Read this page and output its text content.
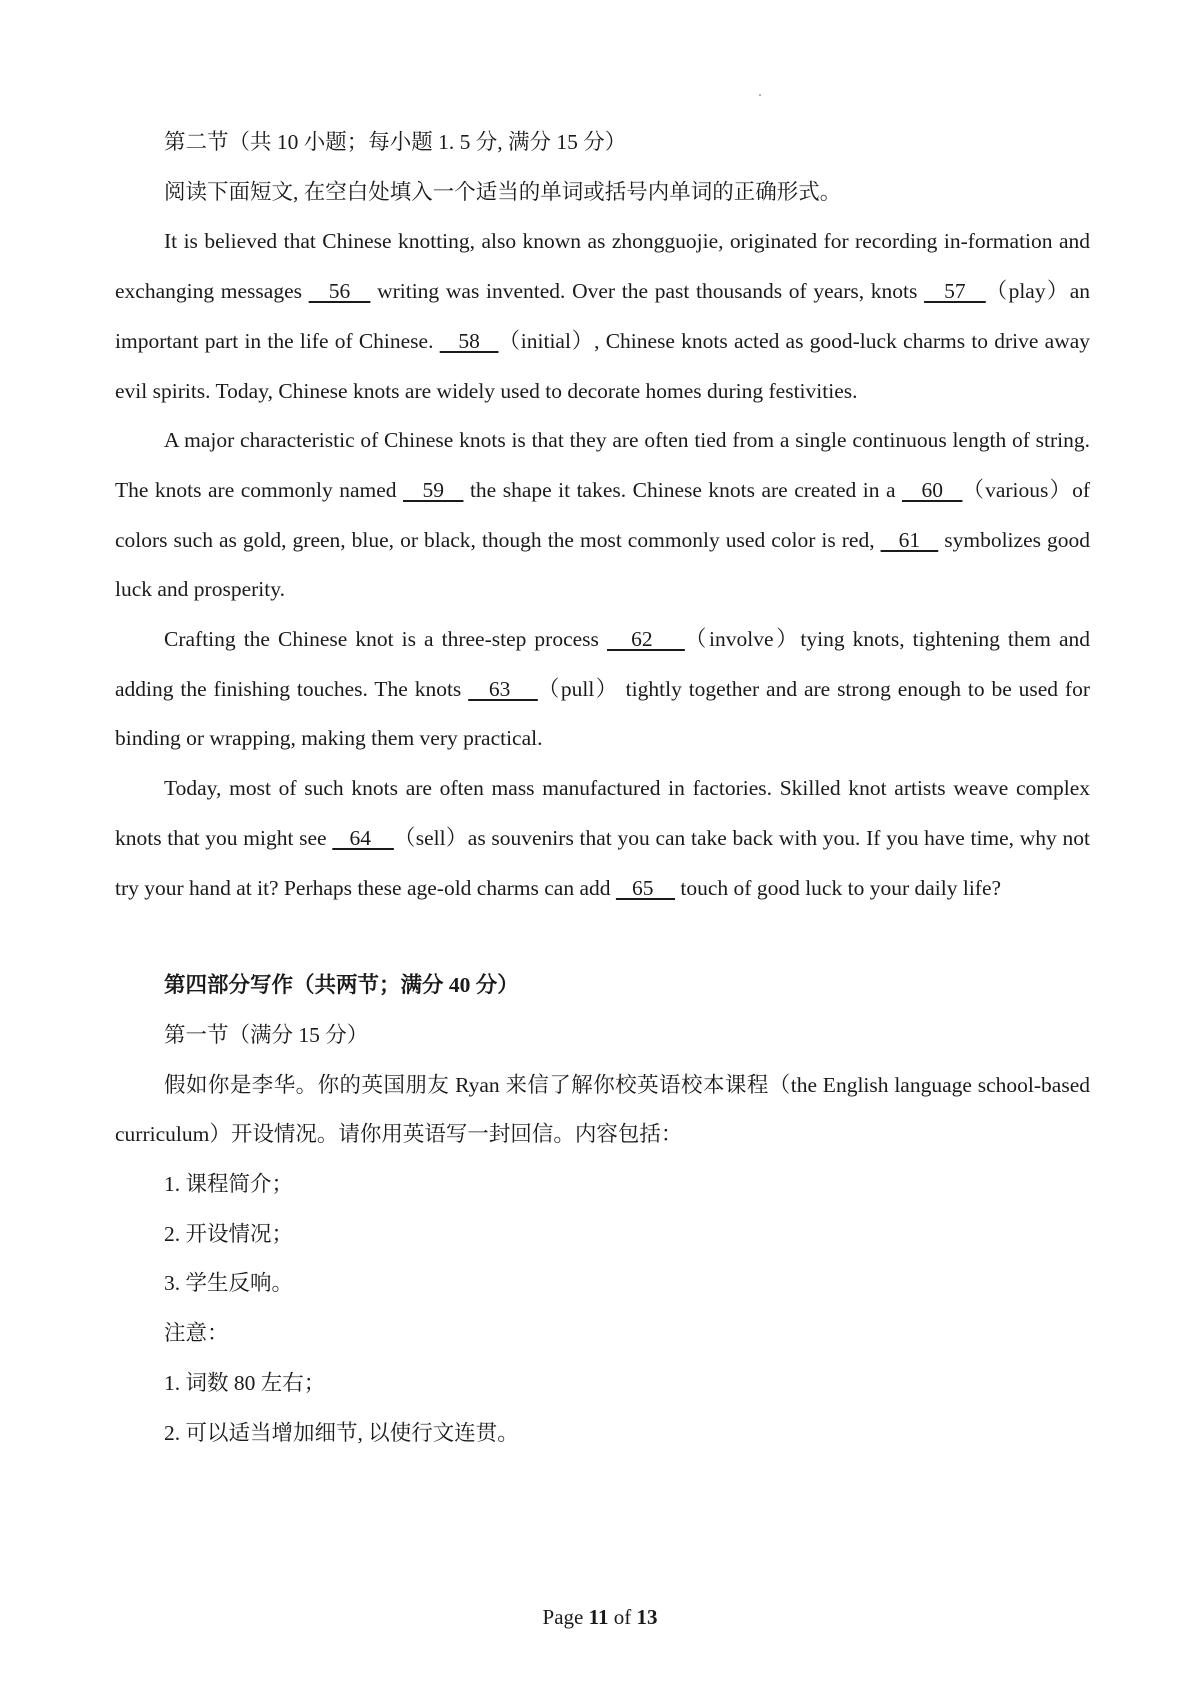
第二节（共 10 小题；每小题 1. 5 分, 满分 15 分）

阅读下面短文, 在空白处填入一个适当的单词或括号内单词的正确形式。

It is believed that Chinese knotting, also known as zhongguojie, originated for recording in-formation and exchanging messages    56    writing was invented. Over the past thousands of years, knots    57   （play）an important part in the life of Chinese.    58   （initial）, Chinese knots acted as good-luck charms to drive away evil spirits. Today, Chinese knots are widely used to decorate homes during festivities.

A major characteristic of Chinese knots is that they are often tied from a single continuous length of string. The knots are commonly named    59    the shape it takes. Chinese knots are created in a    60   （various）of colors such as gold, green, blue, or black, though the most commonly used color is red,    61    symbolizes good luck and prosperity.

Crafting the Chinese knot is a three-step process    62    （involve）tying knots, tightening them and adding the finishing touches. The knots    63    （pull） tightly together and are strong enough to be used for binding or wrapping, making them very practical.

Today, most of such knots are often mass manufactured in factories. Skilled knot artists weave complex knots that you might see    64    （sell）as souvenirs that you can take back with you. If you have time, why not try your hand at it? Perhaps these age-old charms can add    65     touch of good luck to your daily life?

第四部分写作（共两节；满分 40 分）

第一节（满分 15 分）

假如你是李华。你的英国朋友 Ryan 来信了解你校英语校本课程（the English language school-based curriculum）开设情况。请你用英语写一封回信。内容包括：

1. 课程简介；

2. 开设情况；

3. 学生反响。

注意：

1. 词数 80 左右；

2. 可以适当增加细节, 以使行文连贯。

Page 11 of 13
